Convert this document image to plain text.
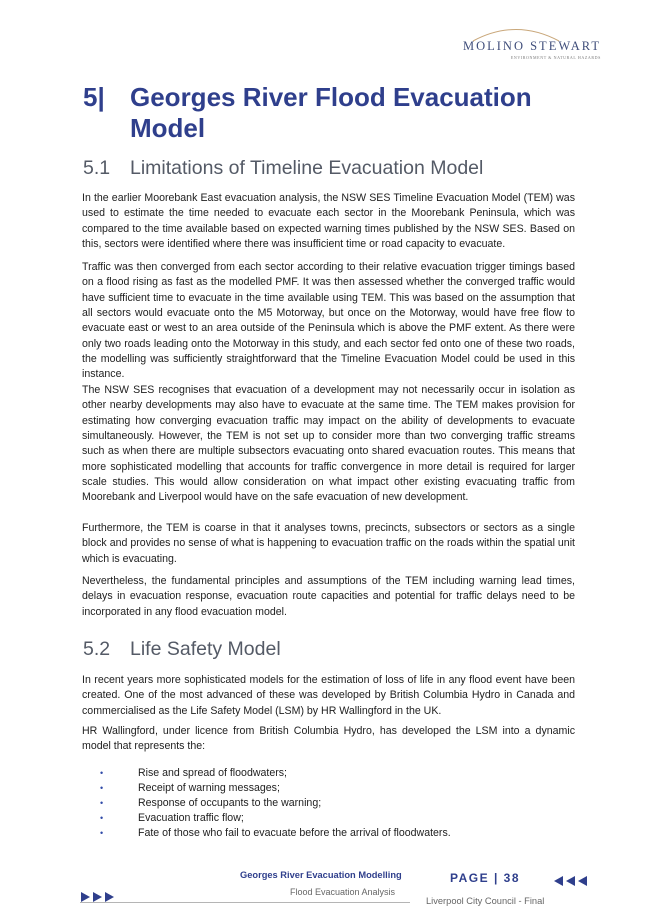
MOLINO STEWART
ENVIRONMENT & NATURAL HAZARDS
5| Georges River Flood Evacuation Model
5.1 Limitations of Timeline Evacuation Model

In the earlier Moorebank East evacuation analysis, the NSW SES Timeline Evacuation Model (TEM) was used to estimate the time needed to evacuate each sector in the Moorebank Peninsula, which was compared to the time available based on expected warning times published by the NSW SES. Based on this, sectors were identified where there was insufficient time or road capacity to evacuate.

Traffic was then converged from each sector according to their relative evacuation trigger timings based on a flood rising as fast as the modelled PMF. It was then assessed whether the converged traffic would have sufficient time to evacuate in the time available using TEM. This was based on the assumption that all sectors would evacuate onto the M5 Motorway, but once on the Motorway, would have free flow to evacuate east or west to an area outside of the Peninsula which is above the PMF extent. As there were only two roads leading onto the Motorway in this study, and each sector fed onto one of these two roads, the modelling was sufficiently straightforward that the Timeline Evacuation Model could be used in this instance.

The NSW SES recognises that evacuation of a development may not necessarily occur in isolation as other nearby developments may also have to evacuate at the same time. The TEM makes provision for estimating how converging evacuation traffic may impact on the ability of developments to evacuate simultaneously. However, the TEM is not set up to consider more than two converging traffic streams such as when there are multiple subsectors evacuating onto shared evacuation routes. This means that more sophisticated modelling that accounts for traffic convergence in more detail is required for larger scale studies. This would allow consideration on what impact other existing evacuating traffic from Moorebank and Liverpool would have on the safe evacuation of new development.

Furthermore, the TEM is coarse in that it analyses towns, precincts, subsectors or sectors as a single block and provides no sense of what is happening to evacuation traffic on the roads within the spatial unit which is evacuating.

Nevertheless, the fundamental principles and assumptions of the TEM including warning lead times, delays in evacuation response, evacuation route capacities and potential for traffic delays need to be incorporated in any flood evacuation model.

5.2 Life Safety Model

In recent years more sophisticated models for the estimation of loss of life in any flood event have been created. One of the most advanced of these was developed by British Columbia Hydro in Canada and commercialised as the Life Safety Model (LSM) by HR Wallingford in the UK.

HR Wallingford, under licence from British Columbia Hydro, has developed the LSM into a dynamic model that represents the:

•	Rise and spread of floodwaters;
•	Receipt of warning messages;
•	Response of occupants to the warning;
•	Evacuation traffic flow;
•	Fate of those who fail to evacuate before the arrival of floodwaters.
Georges River Evacuation Modelling	PAGE | 38
Flood Evacuation Analysis
Liverpool City Council - Final
